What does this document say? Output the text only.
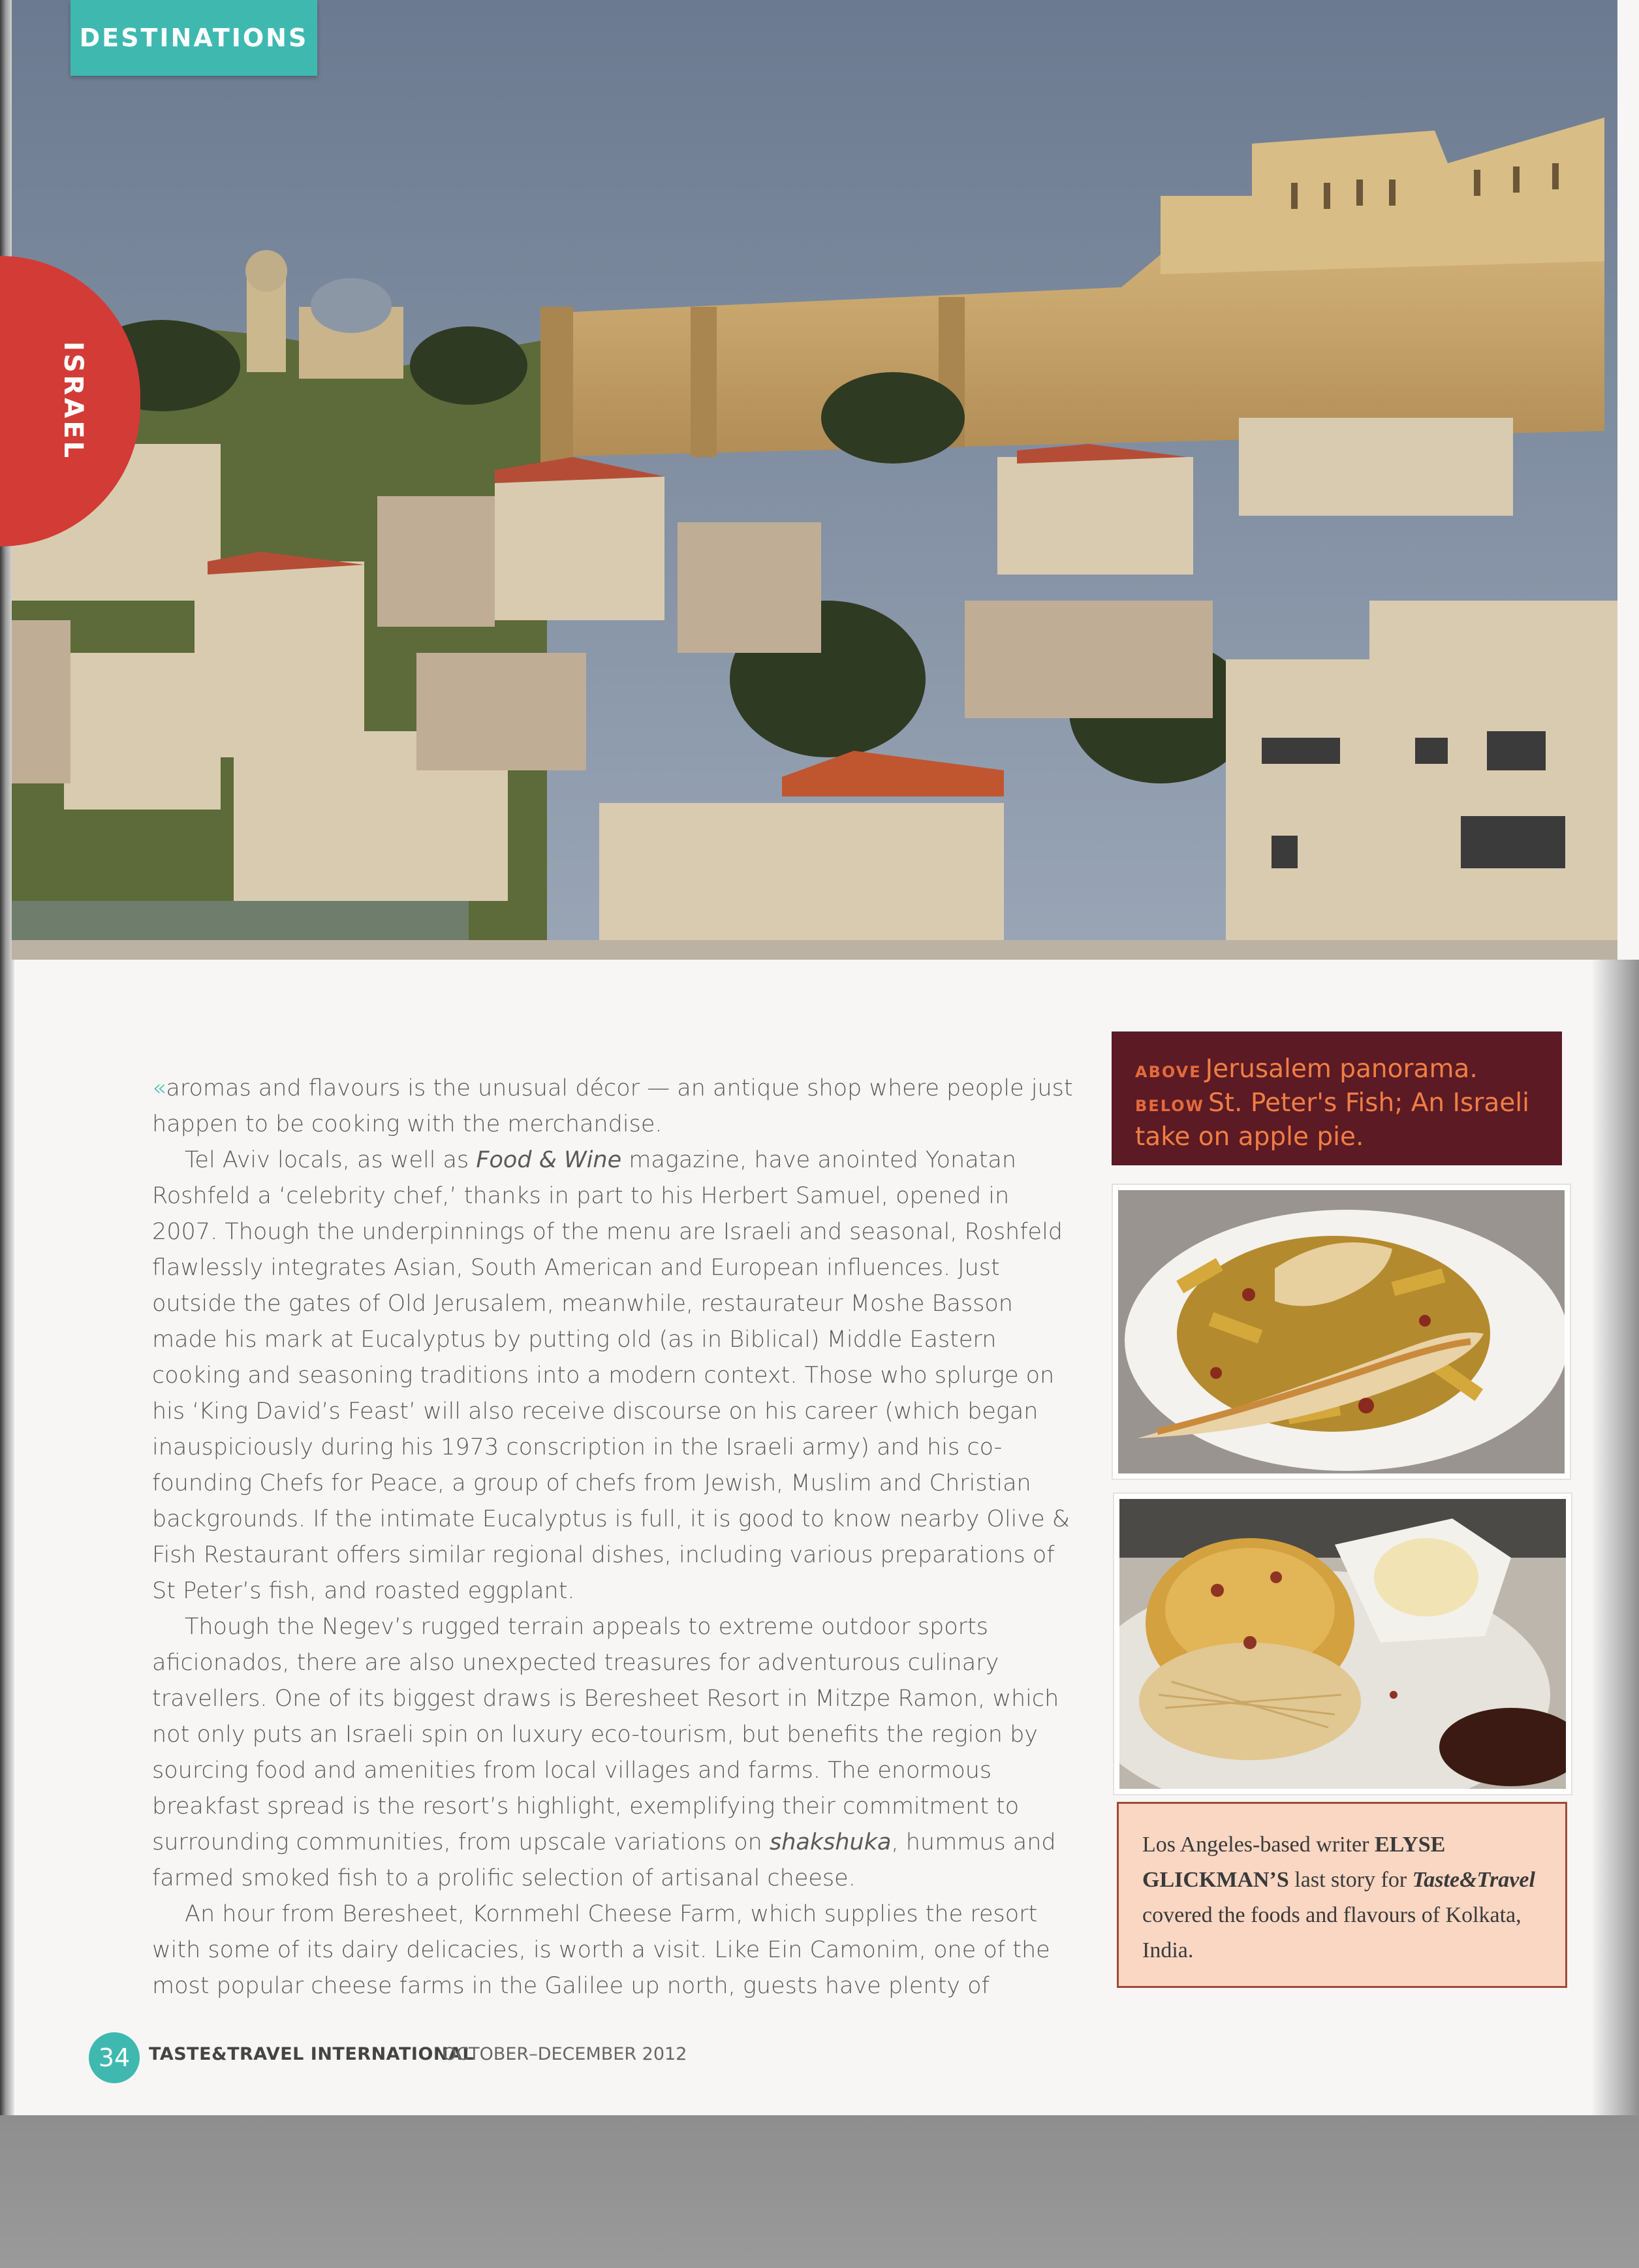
DESTINATIONS
ISRAEL

«aromas and flavours is the unusual décor — an antique shop where people just happen to be cooking with the merchandise.

Tel Aviv locals, as well as Food & Wine magazine, have anointed Yonatan Roshfeld a ‘celebrity chef,’ thanks in part to his Herbert Samuel, opened in 2007. Though the underpinnings of the menu are Israeli and seasonal, Roshfeld flawlessly integrates Asian, South American and European influences. Just outside the gates of Old Jerusalem, meanwhile, restaurateur Moshe Basson made his mark at Eucalyptus by putting old (as in Biblical) Middle Eastern cooking and seasoning traditions into a modern context. Those who splurge on his ‘King David’s Feast’ will also receive discourse on his career (which began inauspiciously during his 1973 conscription in the Israeli army) and his co-founding Chefs for Peace, a group of chefs from Jewish, Muslim and Christian backgrounds. If the intimate Eucalyptus is full, it is good to know nearby Olive & Fish Restaurant offers similar regional dishes, including various preparations of St Peter’s fish, and roasted eggplant.

Though the Negev’s rugged terrain appeals to extreme outdoor sports aficionados, there are also unexpected treasures for adventurous culinary travellers. One of its biggest draws is Beresheet Resort in Mitzpe Ramon, which not only puts an Israeli spin on luxury eco-tourism, but benefits the region by sourcing food and amenities from local villages and farms. The enormous breakfast spread is the resort’s highlight, exemplifying their commitment to surrounding communities, from upscale variations on shakshuka, hummus and farmed smoked fish to a prolific selection of artisanal cheese.

An hour from Beresheet, Kornmehl Cheese Farm, which supplies the resort with some of its dairy delicacies, is worth a visit. Like Ein Camonim, one of the most popular cheese farms in the Galilee up north, guests have plenty of

ABOVE Jerusalem panorama.
BELOW St. Peter's Fish; An Israeli take on apple pie.
Los Angeles-based writer ELYSE GLICKMAN’S last story for Taste&Travel covered the foods and flavours of Kolkata, India.
34	TASTE&TRAVEL INTERNATIONAL
OCTOBER–DECEMBER 2012
